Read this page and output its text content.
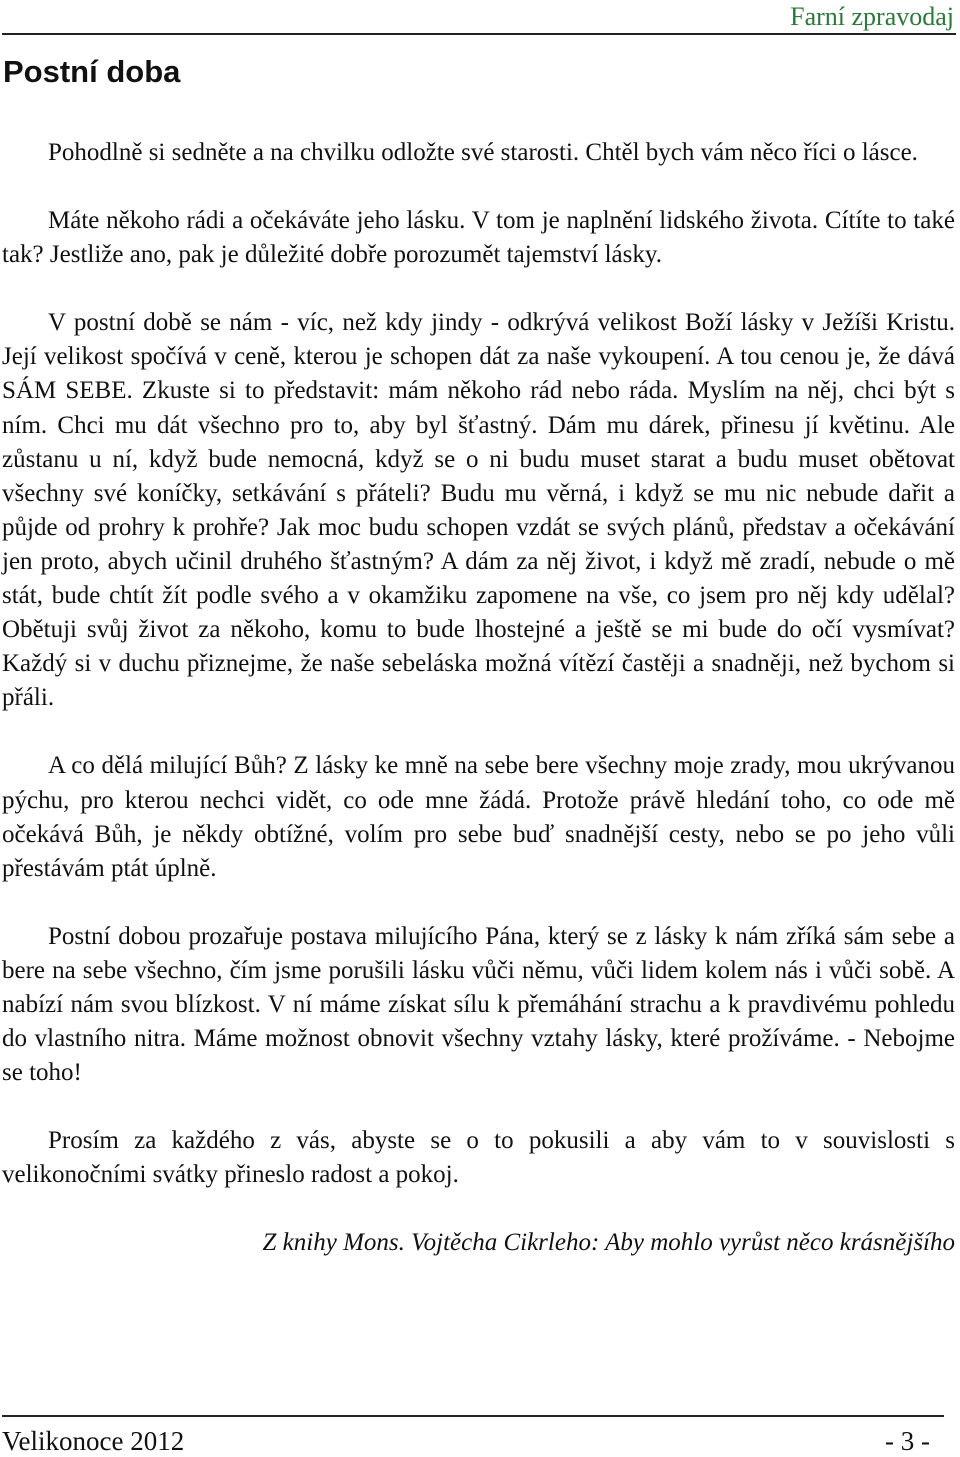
Farní zpravodaj
Postní doba

Pohodlně si sedněte a na chvilku odložte své starosti. Chtěl bych vám něco říci o lásce.

Máte někoho rádi a očekáváte jeho lásku. V tom je naplnění lidského života. Cítíte to také tak? Jestliže ano, pak je důležité dobře porozumět tajemství lásky.

V postní době se nám - víc, než kdy jindy - odkrývá velikost Boží lásky v Ježíši Kristu. Její velikost spočívá v ceně, kterou je schopen dát za naše vykoupení. A tou cenou je, že dává SÁM SEBE. Zkuste si to představit: mám někoho rád nebo ráda. Myslím na něj, chci být s ním. Chci mu dát všechno pro to, aby byl šťastný. Dám mu dárek, přinesu jí květinu. Ale zůstanu u ní, když bude nemocná, když se o ni budu muset starat a budu muset obětovat všechny své koníčky, setkávání s přáteli? Budu mu věrná, i když se mu nic nebude dařit a půjde od prohry k prohře? Jak moc budu schopen vzdát se svých plánů, představ a očekávání jen proto, abych učinil druhého šťastným? A dám za něj život, i když mě zradí, nebude o mě stát, bude chtít žít podle svého a v okamžiku zapomene na vše, co jsem pro něj kdy udělal? Obětuji svůj život za někoho, komu to bude lhostejné a ještě se mi bude do očí vysmívat? Každý si v duchu přiznejme, že naše sebeláska možná vítězí častěji a snadněji, než bychom si přáli.

A co dělá milující Bůh? Z lásky ke mně na sebe bere všechny moje zrady, mou ukrývanou pýchu, pro kterou nechci vidět, co ode mne žádá. Protože právě hledání toho, co ode mě očekává Bůh, je někdy obtížné, volím pro sebe buď snadnější cesty, nebo se po jeho vůli přestávám ptát úplně.

Postní dobou prozařuje postava milujícího Pána, který se z lásky k nám zříká sám sebe a bere na sebe všechno, čím jsme porušili lásku vůči němu, vůči lidem kolem nás i vůči sobě. A nabízí nám svou blízkost. V ní máme získat sílu k přemáhání strachu a k pravdivému pohledu do vlastního nitra. Máme možnost obnovit všechny vztahy lásky, které prožíváme. - Nebojme se toho!

Prosím za každého z vás, abyste se o to pokusili a aby vám to v souvislosti s velikonočními svátky přineslo radost a pokoj.

Z knihy Mons. Vojtěcha Cikrleho: Aby mohlo vyrůst něco krásnějšího

Velikonoce 2012	- 3 -
